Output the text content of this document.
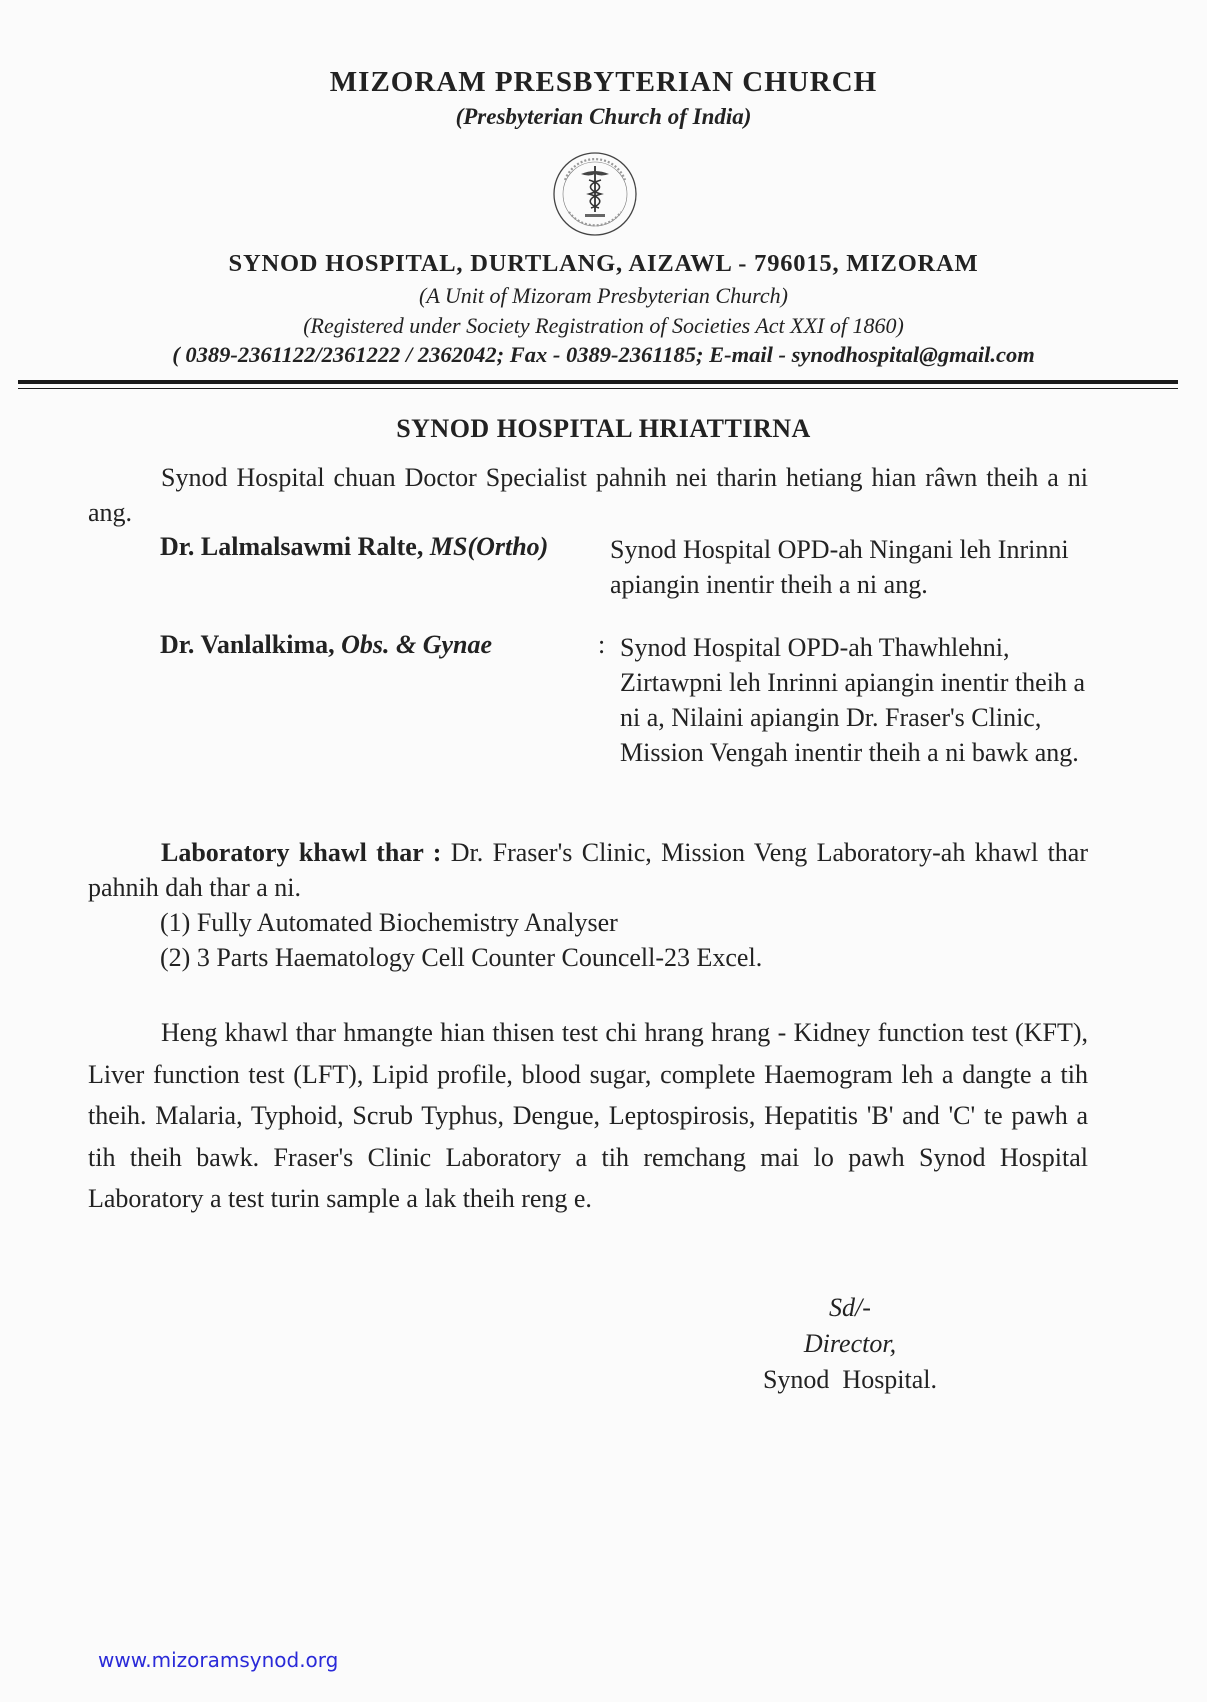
MIZORAM PRESBYTERIAN CHURCH
(Presbyterian Church of India)
SYNOD HOSPITAL, DURTLANG, AIZAWL - 796015, MIZORAM
(A Unit of Mizoram Presbyterian Church)
(Registered under Society Registration of Societies Act XXI of 1860)
( 0389-2361122/2361222 / 2362042; Fax - 0389-2361185; E-mail - synodhospital@gmail.com
SYNOD HOSPITAL HRIATTIRNA
Synod Hospital chuan Doctor Specialist pahnih nei tharin hetiang hian râwn theih a ni ang.
Dr. Lalmalsawmi Ralte, MS(Ortho) Synod Hospital OPD-ah Ningani leh Inrinni apiangin inentir theih a ni ang.
Dr. Vanlalkima, Obs. & Gynae	: Synod Hospital OPD-ah Thawhlehni, Zirtawpni leh Inrinni apiangin inentir theih a ni a, Nilaini apiangin Dr. Fraser's Clinic, Mission Vengah inentir theih a ni bawk ang.
Laboratory khawl thar : Dr. Fraser's Clinic, Mission Veng Laboratory-ah khawl thar pahnih dah thar a ni.
(1) Fully Automated Biochemistry Analyser
(2) 3 Parts Haematology Cell Counter Councell-23 Excel.
Heng khawl thar hmangte hian thisen test chi hrang hrang - Kidney function test (KFT), Liver function test (LFT), Lipid profile, blood sugar, complete Haemogram leh a dangte a tih theih. Malaria, Typhoid, Scrub Typhus, Dengue, Leptospirosis, Hepatitis 'B' and 'C' te pawh a tih theih bawk. Fraser's Clinic Laboratory a tih remchang mai lo pawh Synod Hospital Laboratory a test turin sample a lak theih reng e.
Sd/-
Director,
Synod  Hospital.
www.mizoramsynod.org
